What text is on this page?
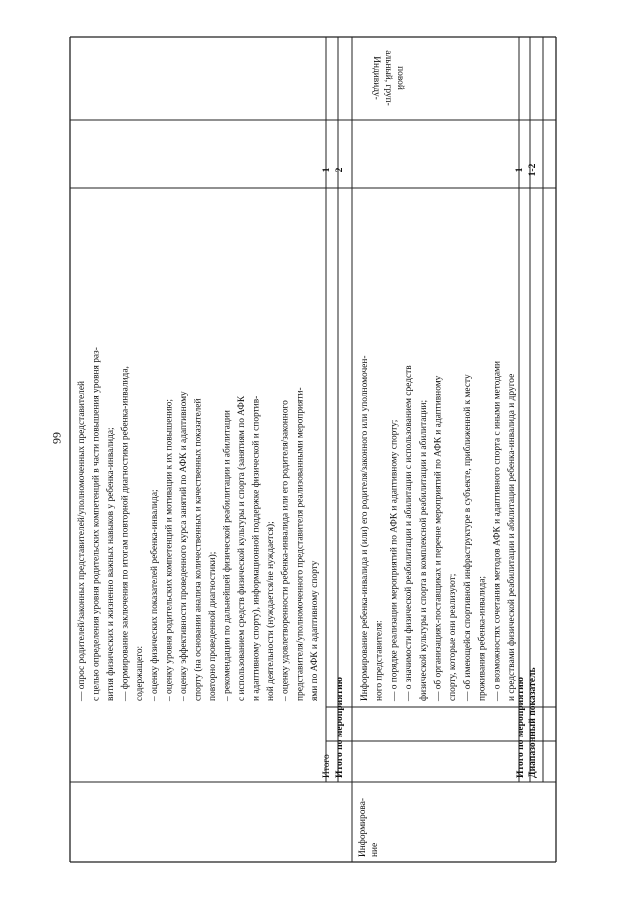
66 — опрос родителей/законных представителей/уполномоченных представителей с целью определения уровня родительских компетенций в части повышения уровня раз- вития физических и жизненно важных навыков у ребенка-инвалида; — формирование заключения по итогам повторной диагностики ребенка-инвалида, содержащего: – оценку физических показателей ребенка-инвалида; – оценку уровня родительских компетенций и мотивации к их повышению; – оценку эффективности проведенного курса занятий по АФК и адаптивному спорту (на основании анализа количественных и качественных показателей повторно проведенной диагностики); – рекомендации по дальнейшей физической реабилитации и абилитации с использованием средств физической культуры и спорта (занятиям по АФК и адаптивному спорту), информационной поддержке физической и спортив- ной деятельности (нуждается/не нуждается); – оценку удовлетворенности ребенка-инвалида или его родителя/законного представителя/уполномоченного представителя реализованными мероприяти- ями по АФК и адаптивному спорту
Итого Итого по мероприятию
1 2
Индивиду- альный, груп- повой
Информирова- ние
Информирование ребенка-инвалида и (или) его родителя/законного или уполномочен- ного представителя: — о порядке реализации мероприятий по АФК и адаптивному спорту; — о значимости физической реабилитации и абилитации с использованием средств физической культуры и спорта в комплексной реабилитации и абилитации; — об организациях-поставщиках и перечне мероприятий по АФК и адаптивному спорту, которые они реализуют; — об имеющейся спортивной инфраструктуре в субъекте, приближенной к месту проживания ребенка-инвалида; — о возможностях сочетания методов АФК и адаптивного спорта с иными методами и средствами физической реабилитации и абилитации ребенка-инвалида и другое
Итого по мероприятию Диапазонный показатель
1 1-2
